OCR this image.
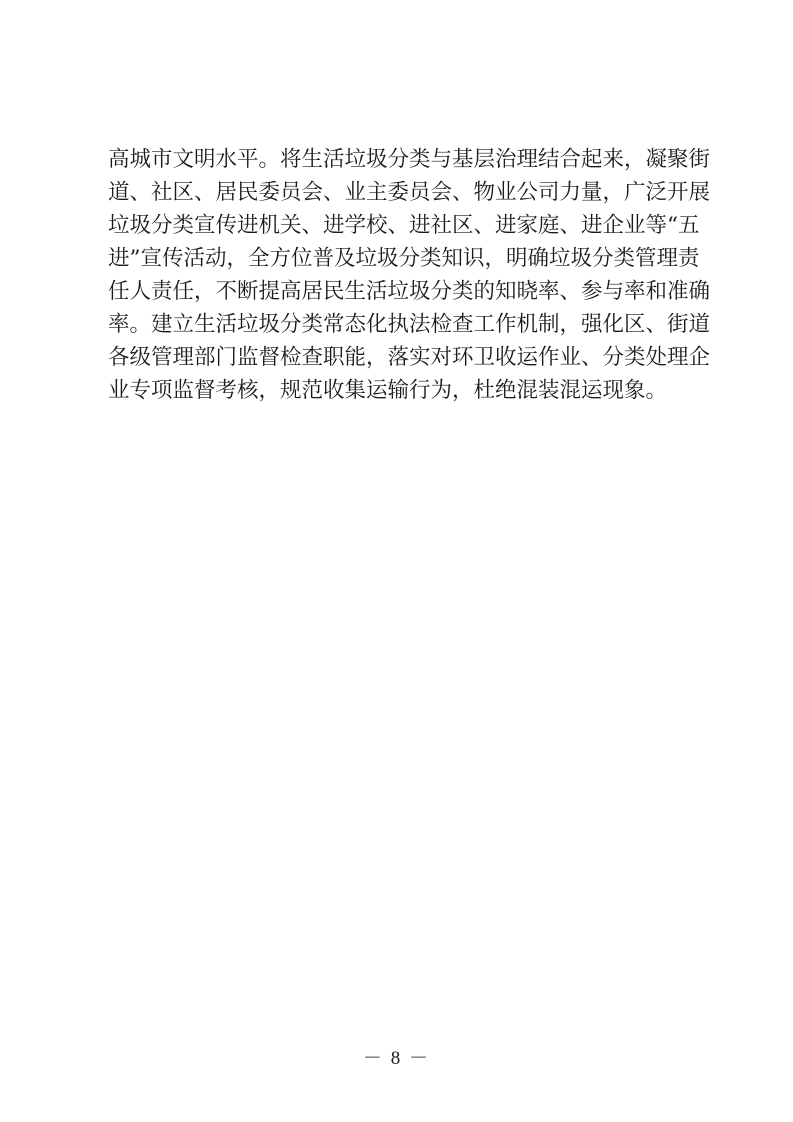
高城市文明水平。将生活垃圾分类与基层治理结合起来，凝聚街
道、社区、居民委员会、业主委员会、物业公司力量，广泛开展
垃圾分类宣传进机关、进学校、进社区、进家庭、进企业等“五
进”宣传活动，全方位普及垃圾分类知识，明确垃圾分类管理责
任人责任，不断提高居民生活垃圾分类的知晓率、参与率和准确
率。建立生活垃圾分类常态化执法检查工作机制，强化区、街道
各级管理部门监督检查职能，落实对环卫收运作业、分类处理企
业专项监督考核，规范收集运输行为，杜绝混装混运现象。
－ 8 －
